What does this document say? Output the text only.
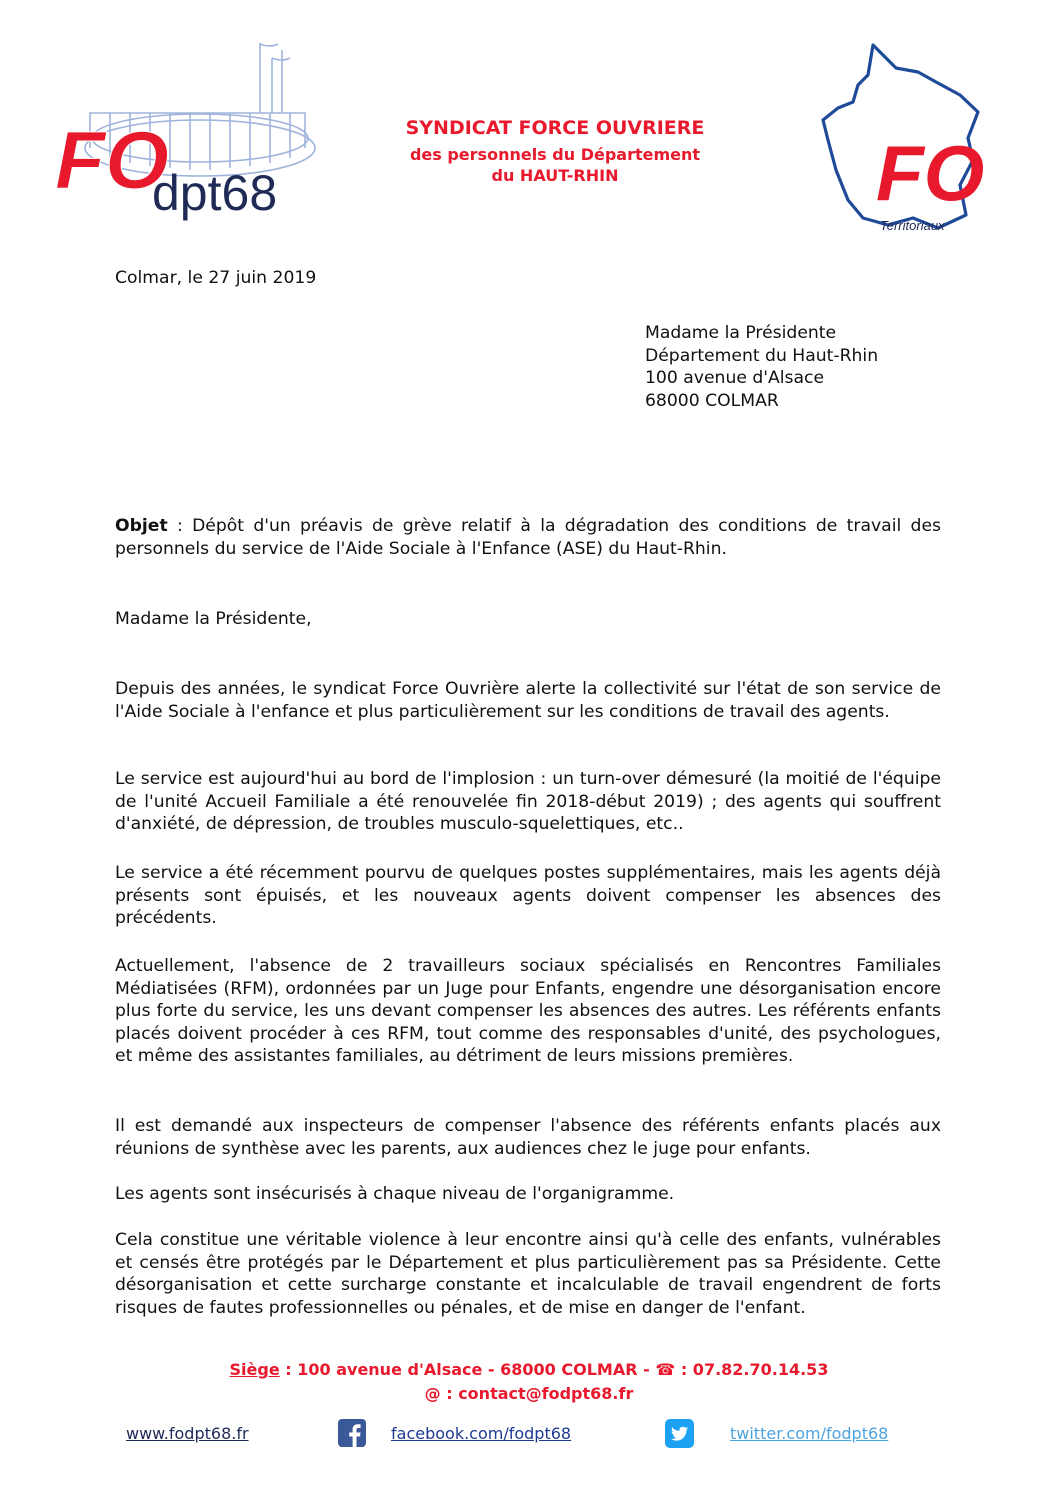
FO
dpt68	FO
Territoriaux
SYNDICAT FORCE OUVRIERE
des personnels du Département
du HAUT-RHIN
Colmar, le 27 juin 2019
Madame la Présidente
Département du Haut-Rhin
100 avenue d'Alsace
68000 COLMAR
Objet : Dépôt d'un préavis de grève relatif à la dégradation des conditions de travail des personnels du service de l'Aide Sociale à l'Enfance (ASE) du Haut-Rhin.
Madame la Présidente,
Depuis des années, le syndicat Force Ouvrière alerte la collectivité sur l'état de son service de l'Aide Sociale à l'enfance et plus particulièrement sur les conditions de travail des agents.
Le service est aujourd'hui au bord de l'implosion : un turn-over démesuré (la moitié de l'équipe de l'unité Accueil Familiale a été renouvelée fin 2018-début 2019) ; des agents qui souffrent d'anxiété, de dépression, de troubles musculo-squelettiques, etc..
Le service a été récemment pourvu de quelques postes supplémentaires, mais les agents déjà présents sont épuisés, et les nouveaux agents doivent compenser les absences des précédents.
Actuellement, l'absence de 2 travailleurs sociaux spécialisés en Rencontres Familiales Médiatisées (RFM), ordonnées par un Juge pour Enfants, engendre une désorganisation encore plus forte du service, les uns devant compenser les absences des autres. Les référents enfants placés doivent procéder à ces RFM, tout comme des responsables d'unité, des psychologues, et même des assistantes familiales, au détriment de leurs missions premières.
Il est demandé aux inspecteurs de compenser l'absence des référents enfants placés aux réunions de synthèse avec les parents, aux audiences chez le juge pour enfants.
Les agents sont insécurisés à chaque niveau de l'organigramme.
Cela constitue une véritable violence à leur encontre ainsi qu'à celle des enfants, vulnérables et censés être protégés par le Département et plus particulièrement pas sa Présidente. Cette désorganisation et cette surcharge constante et incalculable de travail engendrent de forts risques de fautes professionnelles ou pénales, et de mise en danger de l'enfant.
Siège : 100 avenue d'Alsace - 68000 COLMAR - ☎ : 07.82.70.14.53
@ : contact@fodpt68.fr
www.fodpt68.fr	facebook.com/fodpt68	twitter.com/fodpt68
